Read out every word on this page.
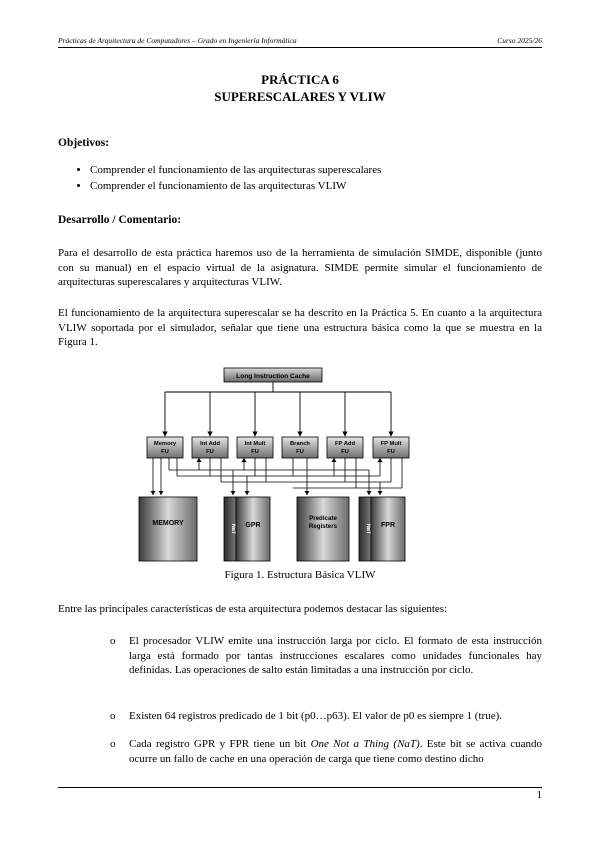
Prácticas de Arquitectura de Computadores – Grado en Ingeniería Informática	Curso 2025/26
PRÁCTICA 6
SUPERESCALARES Y VLIW
Objetivos:
• Comprender el funcionamiento de las arquitecturas superescalares
• Comprender el funcionamiento de las arquitecturas VLIW
Desarrollo / Comentario:
Para el desarrollo de esta práctica haremos uso de la herramienta de simulación SIMDE, disponible (junto con su manual) en el espacio virtual de la asignatura. SIMDE permite simular el funcionamiento de arquitecturas superescalares y arquitecturas VLIW.
El funcionamiento de la arquitectura superescalar se ha descrito en la Práctica 5. En cuanto a la arquitectura VLIW soportada por el simulador, señalar que tiene una estructura básica como la que se muestra en la Figura 1.
Long Instruction Cache
Memory
FU
Int Add
FU
Int Mult
FU
Branch
FU
FP Add
FU
FP Mult
FU
MEMORY
NaT GPR
Predicate
Registers	NaT FPR
Figura 1. Estructura Básica VLIW
Entre las principales características de esta arquitectura podemos destacar las siguientes:
o	El procesador VLIW emite una instrucción larga por ciclo. El formato de esta instrucción larga está formado por tantas instrucciones escalares como unidades funcionales hay definidas. Las operaciones de salto están limitadas a una instrucción por ciclo.
o	Existen 64 registros predicado de 1 bit (p0…p63). El valor de p0 es siempre 1 (true).
o	Cada registro GPR y FPR tiene un bit One Not a Thing (NaT). Este bit se activa cuando ocurre un fallo de cache en una operación de carga que tiene como destino dicho
1
